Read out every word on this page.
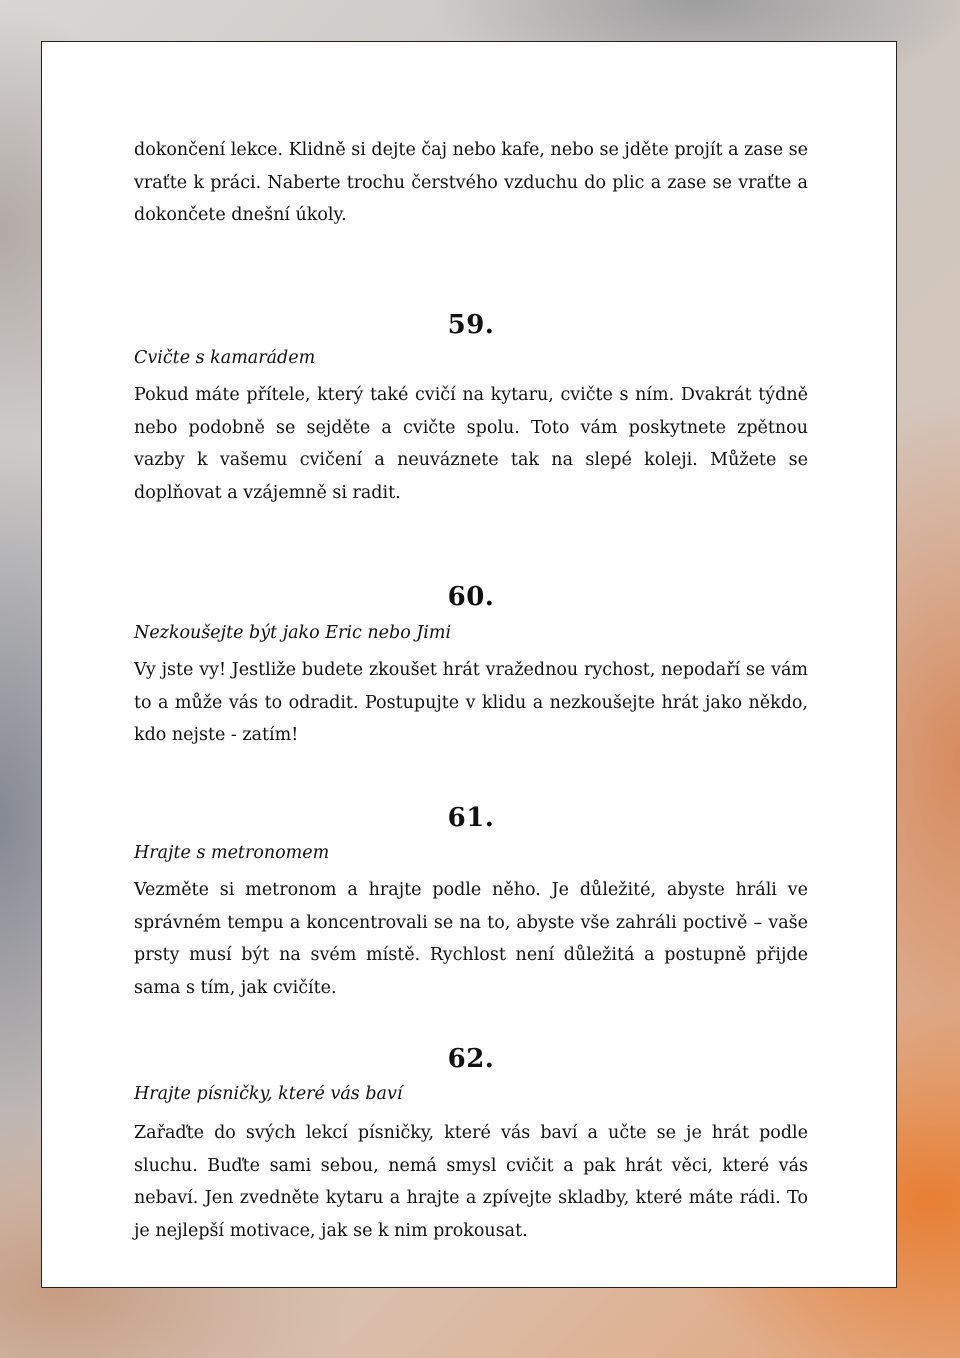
dokončení lekce. Klidně si dejte čaj nebo kafe, nebo se jděte projít a zase se vraťte k práci. Naberte trochu čerstvého vzduchu do plic a zase se vraťte a dokončete dnešní úkoly.

59.
Cvičte s kamarádem

Pokud máte přítele, který také cvičí na kytaru, cvičte s ním. Dvakrát týdně nebo podobně se sejděte a cvičte spolu. Toto vám poskytnete zpětnou vazby k vašemu cvičení a neuváznete tak na slepé koleji. Můžete se doplňovat a vzájemně si radit.

60.
Nezkoušejte být jako Eric nebo Jimi

Vy jste vy! Jestliže budete zkoušet hrát vražednou rychost, nepodaří se vám to a může vás to odradit. Postupujte v klidu a nezkoušejte hrát jako někdo, kdo nejste - zatím!

61.
Hrajte s metronomem

Vezměte si metronom a hrajte podle něho. Je důležité, abyste hráli ve správném tempu a koncentrovali se na to, abyste vše zahráli poctivě – vaše prsty musí být na svém místě. Rychlost není důležitá a postupně přijde sama s tím, jak cvičíte.

62.
Hrajte písničky, které vás baví

Zařaďte do svých lekcí písničky, které vás baví a učte se je hrát podle sluchu. Buďte sami sebou, nemá smysl cvičit a pak hrát věci, které vás nebaví. Jen zvedněte kytaru a hrajte a zpívejte skladby, které máte rádi. To je nejlepší motivace, jak se k nim prokousat.
